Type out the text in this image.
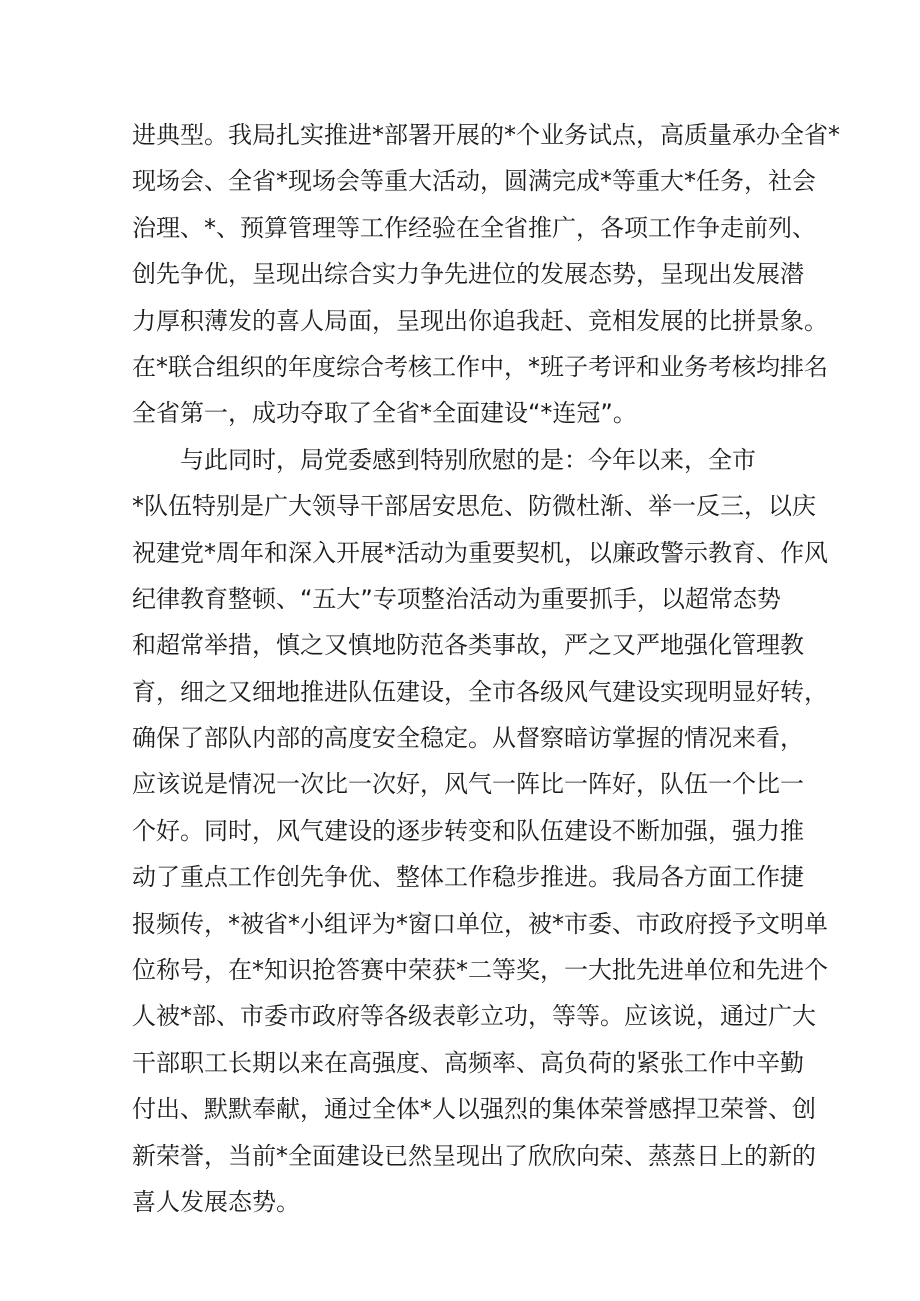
进典型。我局扎实推进*部署开展的*个业务试点，高质量承办全省*
现场会、全省*现场会等重大活动，圆满完成*等重大*任务，社会
治理、*、预算管理等工作经验在全省推广，各项工作争走前列、
创先争优，呈现出综合实力争先进位的发展态势，呈现出发展潜
力厚积薄发的喜人局面，呈现出你追我赶、竞相发展的比拼景象。
在*联合组织的年度综合考核工作中，*班子考评和业务考核均排名
全省第一，成功夺取了全省*全面建设“*连冠”。
与此同时，局党委感到特别欣慰的是：今年以来，全市
*队伍特别是广大领导干部居安思危、防微杜渐、举一反三，以庆
祝建党*周年和深入开展*活动为重要契机，以廉政警示教育、作风
纪律教育整顿、“五大”专项整治活动为重要抓手，以超常态势
和超常举措，慎之又慎地防范各类事故，严之又严地强化管理教
育，细之又细地推进队伍建设，全市各级风气建设实现明显好转，
确保了部队内部的高度安全稳定。从督察暗访掌握的情况来看，
应该说是情况一次比一次好，风气一阵比一阵好，队伍一个比一
个好。同时，风气建设的逐步转变和队伍建设不断加强，强力推
动了重点工作创先争优、整体工作稳步推进。我局各方面工作捷
报频传，*被省*小组评为*窗口单位，被*市委、市政府授予文明单
位称号，在*知识抢答赛中荣获*二等奖，一大批先进单位和先进个
人被*部、市委市政府等各级表彰立功，等等。应该说，通过广大
干部职工长期以来在高强度、高频率、高负荷的紧张工作中辛勤
付出、默默奉献，通过全体*人以强烈的集体荣誉感捍卫荣誉、创
新荣誉，当前*全面建设已然呈现出了欣欣向荣、蒸蒸日上的新的
喜人发展态势。
